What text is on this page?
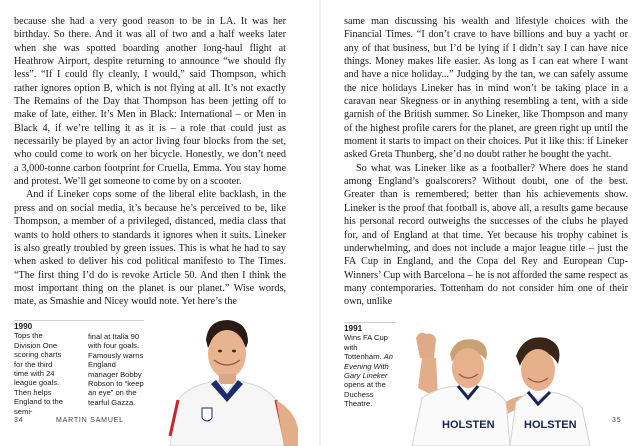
because she had a very good reason to be in LA. It was her birthday. So there. And it was all of two and a half weeks later when she was spotted boarding another long-haul flight at Heathrow Airport, despite returning to announce “we should fly less”. “If I could fly cleanly, I would,” said Thompson, which rather ignores option B, which is not flying at all. It’s not exactly The Remains of the Day that Thompson has been jetting off to make of late, either. It’s Men in Black: International – or Men in Black 4, if we’re telling it as it is – a role that could just as necessarily be played by an actor living four blocks from the set, who could come to work on her bicycle. Honestly, we don’t need a 3,000-tonne carbon footprint for Cruella, Emma. You stay home and protest. We’ll get someone to come by on a scooter.

And if Lineker cops some of the liberal elite backlash, in the press and on social media, it’s because he’s perceived to be, like Thompson, a member of a privileged, distanced, media class that wants to hold others to standards it ignores when it suits. Lineker is also greatly troubled by green issues. This is what he had to say when asked to deliver his cod political manifesto to The Times. “The first thing I’d do is revoke Article 50. And then I think the most important thing on the planet is our planet.” Wise words, mate, as Smashie and Nicey would note. Yet here’s the

1990
Tops the Division One scoring charts for the third time with 24 league goals. Then helps England to the semi-
final at Italia 90 with four goals. Famously warns England manager Bobby Robson to “keep an eye” on the tearful Gazza.
34	MARTIN SAMUEL

same man discussing his wealth and lifestyle choices with the Financial Times. “I don’t crave to have billions and buy a yacht or any of that business, but I’d be lying if I didn’t say I can have nice things. Money makes life easier. As long as I can eat where I want and have a nice holiday...” Judging by the tan, we can safely assume the nice holidays Lineker has in mind won’t be taking place in a caravan near Skegness or in anything resembling a tent, with a side garnish of the British summer. So Lineker, like Thompson and many of the highest profile carers for the planet, are green right up until the moment it starts to impact on their choices. Put it like this: if Lineker asked Greta Thunberg, she’d no doubt rather he bought the yacht.

So what was Lineker like as a footballer? Where does he stand among England’s goalscorers? Without doubt, one of the best. Greater than is remembered; better than his achievements show. Lineker is the proof that football is, above all, a results game because his personal record outweighs the successes of the clubs he played for, and of England at that time. Yet because his trophy cabinet is underwhelming, and does not include a major league title – just the FA Cup in England, and the Copa del Rey and European Cup-Winners’ Cup with Barcelona – he is not afforded the same respect as many contemporaries. Tottenham do not consider him one of their own, unlike

1991
Wins FA Cup with Tottenham. An Evening With Gary Lineker opens at the Duchess Theatre.
HOLSTEN	HOLSTEN	35
